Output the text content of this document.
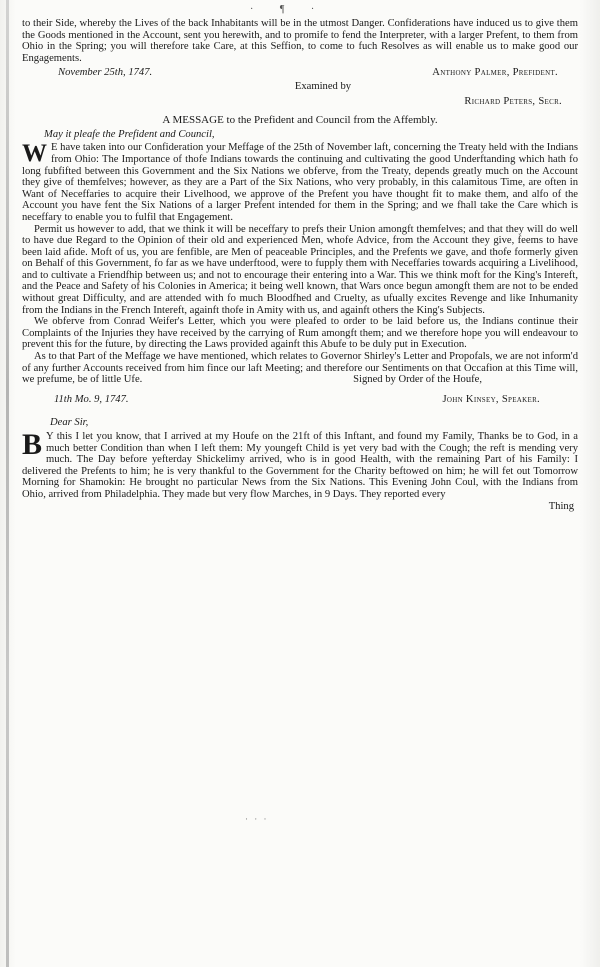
· ¶ ·

to their Side, whereby the Lives of the back Inhabitants will be in the utmost Danger. Confiderations have induced us to give them the Goods mentioned in the Account, sent you herewith, and to promife to fend the Interpreter, with a larger Prefent, to them from Ohio in the Spring; you will therefore take Care, at this Seffion, to come to fuch Resolves as will enable us to make good our Engagements.

November 25th, 1747.	Anthony Palmer, Prefident.
Examined by
Richard Peters, Secr.
A MESSAGE to the Prefident and Council from the Affembly.

May it pleafe the Prefident and Council,

W E have taken into our Confideration your Meffage of the 25th of November laft, concerning the Treaty held with the Indians from Ohio: The Importance of thofe Indians towards the continuing and cultivating the good Underftanding which hath fo long fubfifted between this Government and the Six Nations we obferve, from the Treaty, depends greatly much on the Account they give of themfelves; however, as they are a Part of the Six Nations, who very probably, in this calamitous Time, are often in Want of Neceffaries to acquire their Livelhood, we approve of the Prefent you have thought fit to make them, and alfo of the Account you have fent the Six Nations of a larger Prefent intended for them in the Spring; and we fhall take the Care which is neceffary to enable you to fulfil that Engagement.

Permit us however to add, that we think it will be neceffary to prefs their Union amongft themfelves; and that they will do well to have due Regard to the Opinion of their old and experienced Men, whofe Advice, from the Account they give, feems to have been laid afide. Moft of us, you are fenfible, are Men of peaceable Principles, and the Prefents we gave, and thofe formerly given on Behalf of this Government, fo far as we have underftood, were to fupply them with Neceffaries towards acquiring a Livelihood, and to cultivate a Friendfhip between us; and not to encourage their entering into a War. This we think moft for the King's Intereft, and the Peace and Safety of his Colonies in America; it being well known, that Wars once begun amongft them are not to be ended without great Difficulty, and are attended with fo much Bloodfhed and Cruelty, as ufually excites Revenge and like Inhumanity from the Indians in the French Intereft, againft thofe in Amity with us, and againft others the King's Subjects.

We obferve from Conrad Weifer's Letter, which you were pleafed to order to be laid before us, the Indians continue their Complaints of the Injuries they have received by the carrying of Rum amongft them; and we therefore hope you will endeavour to prevent this for the future, by directing the Laws provided againft this Abufe to be duly put in Execution.

As to that Part of the Meffage we have mentioned, which relates to Governor Shirley's Letter and Propofals, we are not inform'd of any further Accounts received from him fince our laft Meeting; and therefore our Sentiments on that Occafion at this Time will, we prefume, be of little Ufe.	Signed by Order of the Houfe,
11th Mo. 9, 1747.	John Kinsey, Speaker.

Dear Sir,

B Y this I let you know, that I arrived at my Houfe on the 21ft of this Inftant, and found my Family, Thanks be to God, in a much better Condition than when I left them: My youngeft Child is yet very bad with the Cough; the reft is mending very much. The Day before yefterday Shickelimy arrived, who is in good Health, with the remaining Part of his Family: I delivered the Prefents to him; he is very thankful to the Government for the Charity beftowed on him; he will fet out Tomorrow Morning for Shamokin: He brought no particular News from the Six Nations. This Evening John Coul, with the Indians from Ohio, arrived from Philadelphia. They made but very flow Marches, in 9 Days. They reported every
Thing
· · ·
